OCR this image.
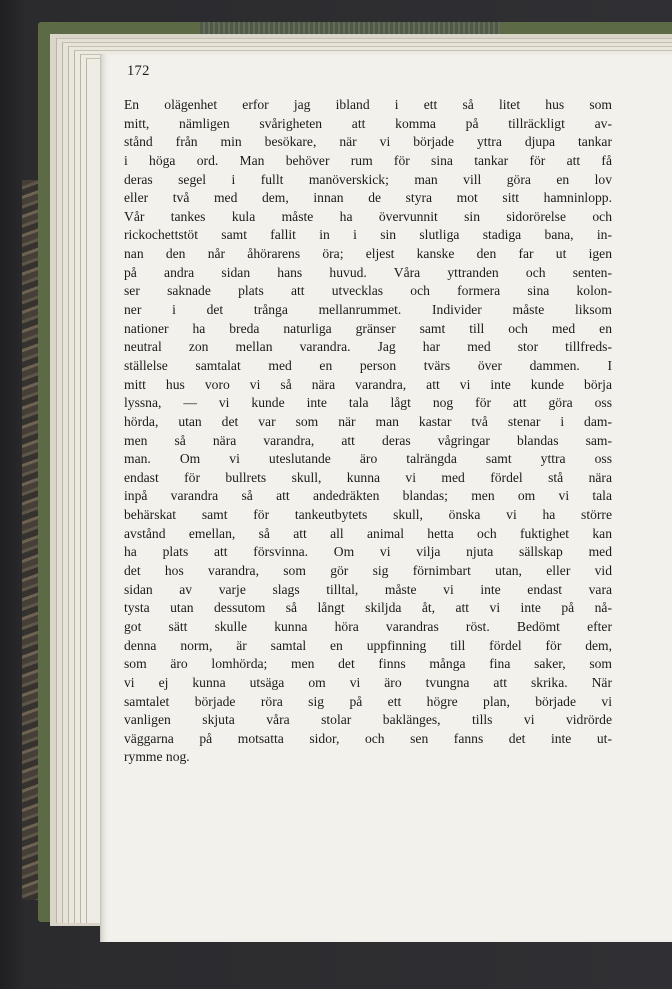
172
En olägenhet erfor jag ibland i ett så litet hus som
mitt, nämligen svårigheten att komma på tillräckligt av-
stånd från min besökare, när vi började yttra djupa tankar
i höga ord. Man behöver rum för sina tankar för att få
deras segel i fullt manöverskick; man vill göra en lov
eller två med dem, innan de styra mot sitt hamninlopp.
Vår tankes kula måste ha övervunnit sin sidorörelse och
rickochettstöt samt fallit in i sin slutliga stadiga bana, in-
nan den når åhörarens öra; eljest kanske den far ut igen
på andra sidan hans huvud. Våra yttranden och senten-
ser saknade plats att utvecklas och formera sina kolon-
ner i det trånga mellanrummet. Individer måste liksom
nationer ha breda naturliga gränser samt till och med en
neutral zon mellan varandra. Jag har med stor tillfreds-
ställelse samtalat med en person tvärs över dammen. I
mitt hus voro vi så nära varandra, att vi inte kunde börja
lyssna, — vi kunde inte tala lågt nog för att göra oss
hörda, utan det var som när man kastar två stenar i dam-
men så nära varandra, att deras vågringar blandas sam-
man. Om vi uteslutande äro talrängda samt yttra oss
endast för bullrets skull, kunna vi med fördel stå nära
inpå varandra så att andedräkten blandas; men om vi tala
behärskat samt för tankeutbytets skull, önska vi ha större
avstånd emellan, så att all animal hetta och fuktighet kan
ha plats att försvinna. Om vi vilja njuta sällskap med
det hos varandra, som gör sig förnimbart utan, eller vid
sidan av varje slags tilltal, måste vi inte endast vara
tysta utan dessutom så långt skiljda åt, att vi inte på nå-
got sätt skulle kunna höra varandras röst. Bedömt efter
denna norm, är samtal en uppfinning till fördel för dem,
som äro lomhörda; men det finns många fina saker, som
vi ej kunna utsäga om vi äro tvungna att skrika. När
samtalet började röra sig på ett högre plan, började vi
vanligen skjuta våra stolar baklänges, tills vi vidrörde
väggarna på motsatta sidor, och sen fanns det inte ut-
rymme nog.
